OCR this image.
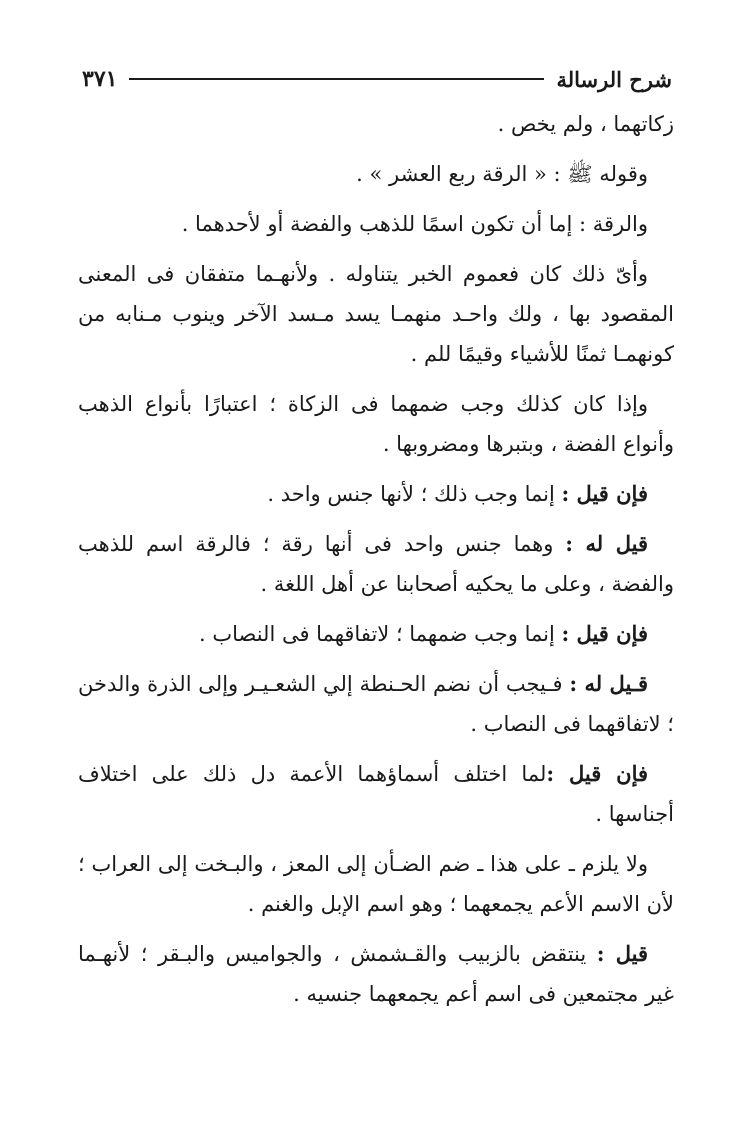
شرح الرسالة
٣٧١

زكاتهما ، ولم يخص .

وقوله ﷺ : « الرقة ربع العشر » .

والرقة : إما أن تكون اسمًا للذهب والفضة أو لأحدهما .

وأىّ ذلك كان فعموم الخبر يتناوله . ولأنهـما متفقان فى المعنى المقصود بها ، ولك واحـد منهمـا يسد مـسد الآخر وينوب مـنابه من كونهمـا ثمنًا للأشياء وقيمًا للم .

وإذا كان كذلك وجب ضمهما فى الزكاة ؛ اعتبارًا بأنواع الذهب وأنواع الفضة ، وبتبرها ومضروبها .

فإن قيل : إنما وجب ذلك ؛ لأنها جنس واحد .

قيل له : وهما جنس واحد فى أنها رقة ؛ فالرقة اسم للذهب والفضة ، وعلى ما يحكيه أصحابنا عن أهل اللغة .

فإن قيل : إنما وجب ضمهما ؛ لاتفاقهما فى النصاب .

قـيل له : فـيجب أن نضم الحـنطة إلي الشعـيـر وإلى الذرة والدخن ؛ لاتفاقهما فى النصاب .

فإن قيل :لما اختلف أسماؤهما الأعمة دل ذلك على اختلاف أجناسها .

ولا يلزم ـ على هذا ـ ضم الضـأن إلى المعز ، والبـخت إلى العراب ؛ لأن الاسم الأعم يجمعهما ؛ وهو اسم الإبل والغنم .

قيل : ينتقض بالزبيب والقـشمش ، والجواميس والبـقر ؛ لأنهـما غير مجتمعين فى اسم أعم يجمعهما جنسيه .
